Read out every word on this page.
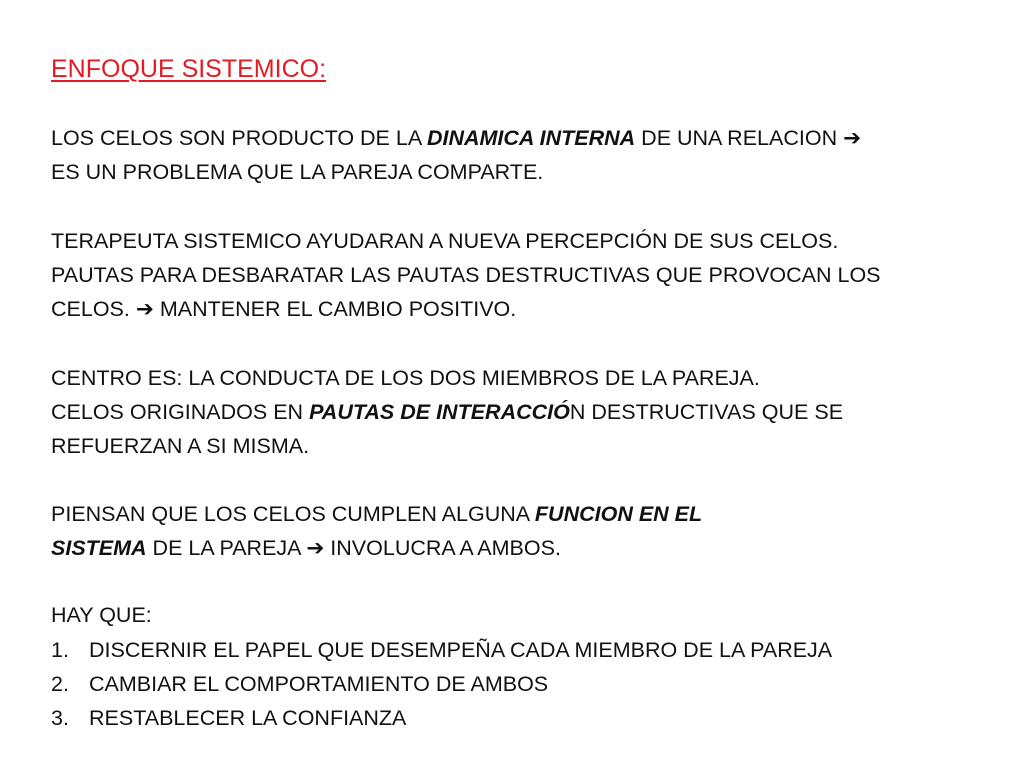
ENFOQUE SISTEMICO:
LOS CELOS SON PRODUCTO DE LA DINAMICA INTERNA DE UNA RELACION ➔
ES UN PROBLEMA QUE LA PAREJA COMPARTE.
TERAPEUTA SISTEMICO AYUDARAN A NUEVA PERCEPCIÓN DE SUS CELOS.
PAUTAS PARA DESBARATAR LAS PAUTAS DESTRUCTIVAS QUE PROVOCAN LOS
CELOS. ➔ MANTENER EL CAMBIO POSITIVO.
CENTRO ES: LA CONDUCTA DE LOS DOS MIEMBROS DE LA PAREJA.
CELOS ORIGINADOS EN PAUTAS DE INTERACCIÓN DESTRUCTIVAS QUE SE
REFUERZAN A SI MISMA.
PIENSAN QUE LOS CELOS CUMPLEN ALGUNA FUNCION EN EL
SISTEMA DE LA PAREJA ➔ INVOLUCRA A AMBOS.
HAY QUE:
1. DISCERNIR EL PAPEL QUE DESEMPEÑA CADA MIEMBRO DE LA PAREJA
2. CAMBIAR EL COMPORTAMIENTO DE AMBOS
3. RESTABLECER LA CONFIANZA
